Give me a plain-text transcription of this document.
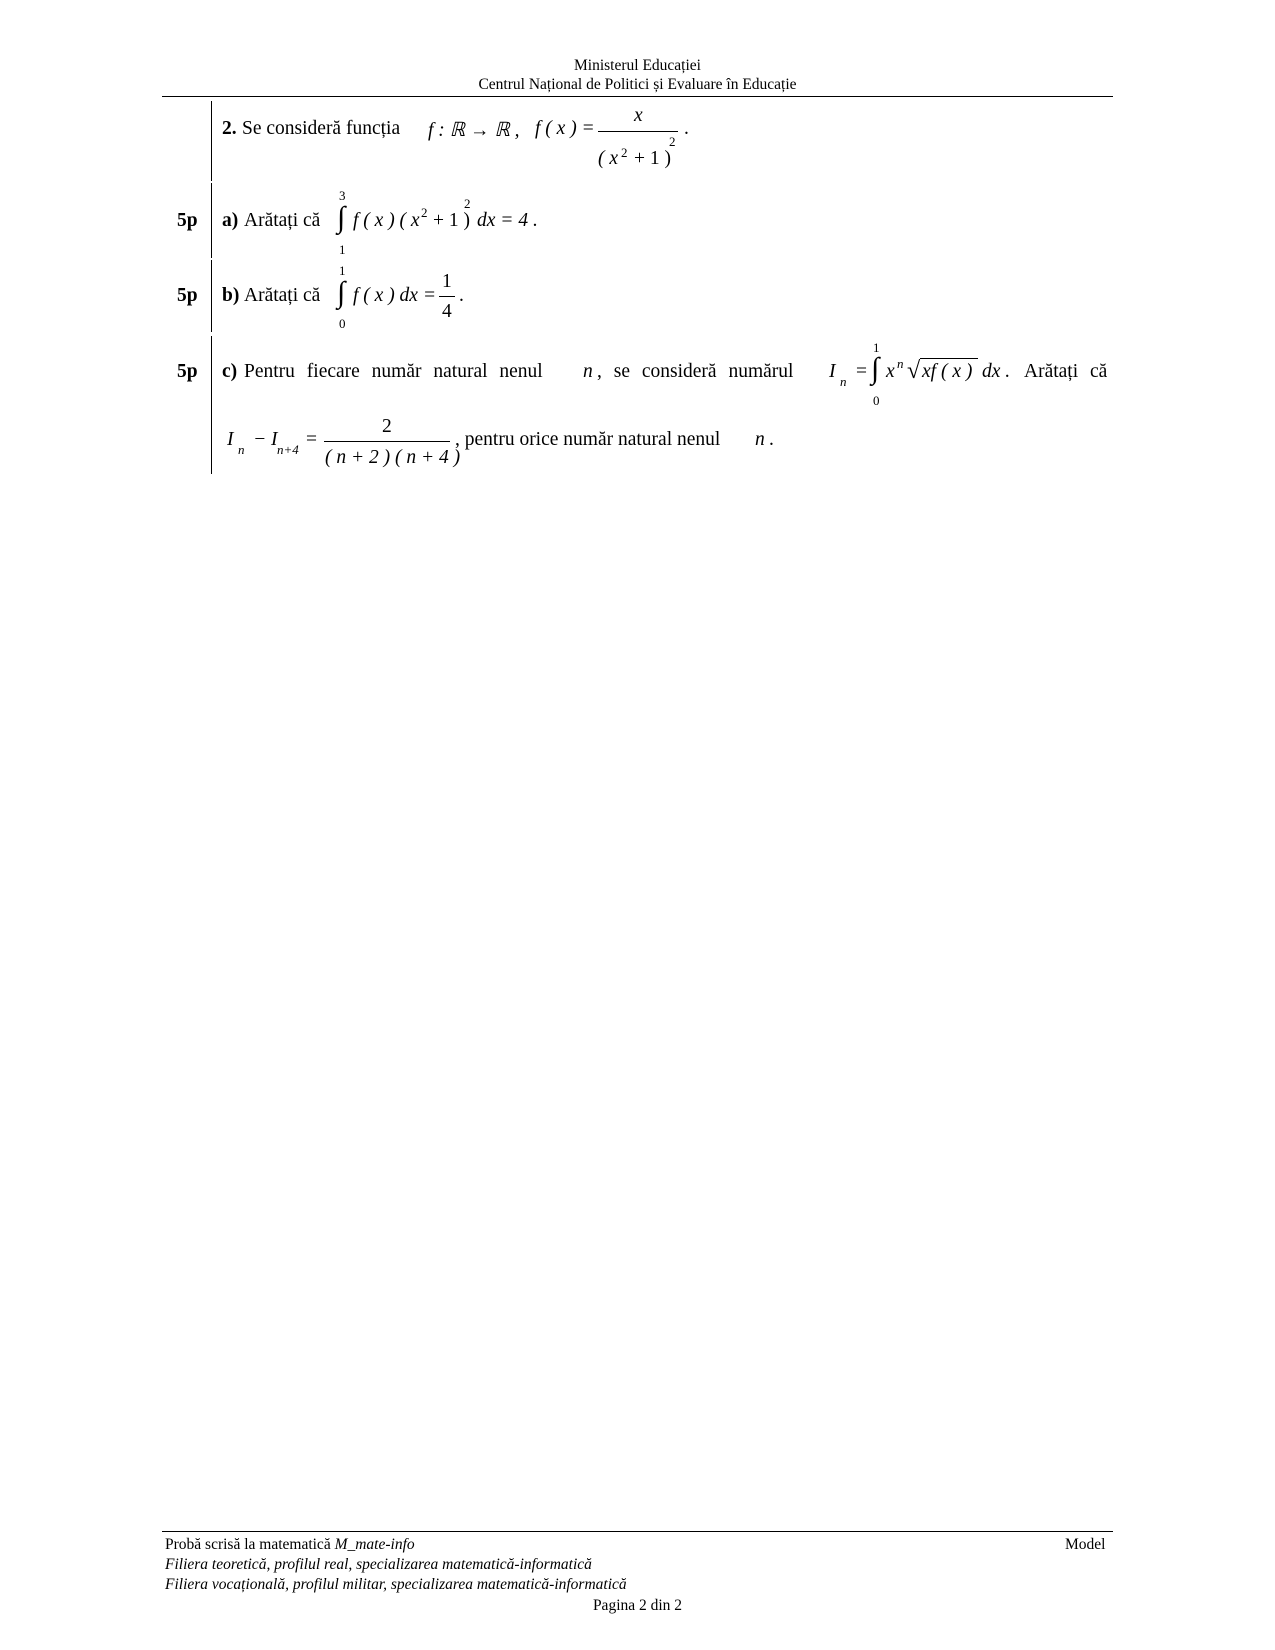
Ministerul Educației
Centrul Național de Politici și Evaluare în Educație
2. Se consideră funcția f : ℝ → ℝ , f ( x ) =
x
( x 2 + 1 )
2
.
5p a) Arătați că
3
∫
1
f ( x ) ( x 2 + 1 )
2
dx = 4 .
5p b) Arătați că
1
∫
0
f ( x ) dx =
1
4
.
5p c) Pentru fiecare număr natural nenul n , se consideră numărul I n =
1
∫
0
x n √ xf ( x ) dx . Arătați că
I n − I n+4 =
2
( n + 2 ) ( n + 4 )
, pentru orice număr natural nenul n .
Probă scrisă la matematică M_mate-info
Filiera teoretică, profilul real, specializarea matematică-informatică
Filiera vocațională, profilul militar, specializarea matematică-informatică
Model
Pagina 2 din 2
